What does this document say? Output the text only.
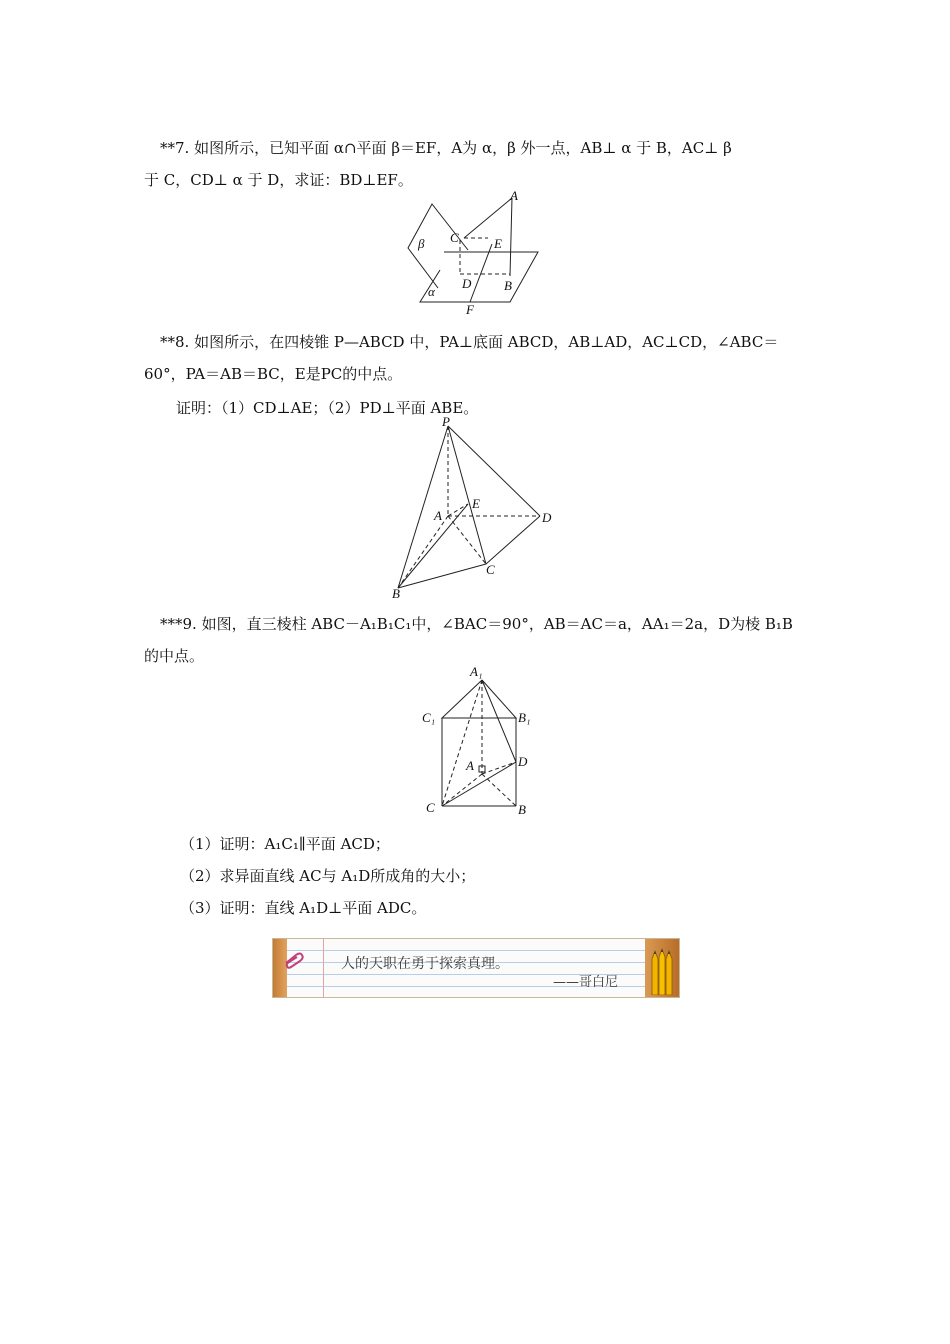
**7. 如图所示，已知平面 α∩平面 β＝EF，A为 α，β 外一点，AB⊥ α 于 B，AC⊥ β
于 C，CD⊥ α 于 D，求证：BD⊥EF。
A
C	E
D	B
F
β
α
**8. 如图所示，在四棱锥 P—ABCD 中，PA⊥底面 ABCD，AB⊥AD，AC⊥CD，∠ABC＝
60°，PA＝AB＝BC，E是PC的中点。
证明：（1）CD⊥AE；（2）PD⊥平面 ABE。
P
E
A	D
C
B
***9. 如图，直三棱柱 ABC－A₁B₁C₁中，∠BAC＝90°，AB＝AC＝a，AA₁＝2a，D为棱 B₁B
的中点。
A₁
C₁	B₁
A	D
C	B
（1）证明：A₁C₁∥平面 ACD；
（2）求异面直线 AC与 A₁D所成角的大小；
（3）证明：直线 A₁D⊥平面 ADC。
人的天职在勇于探索真理。
——哥白尼
